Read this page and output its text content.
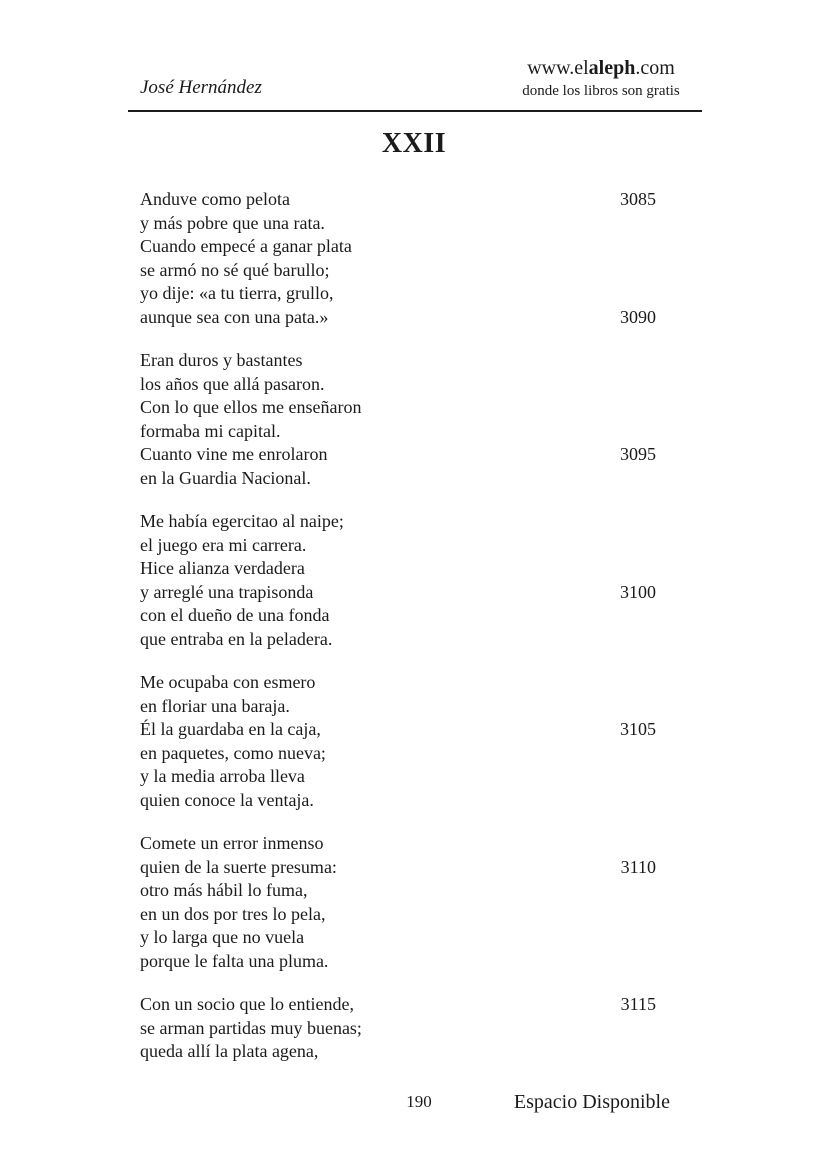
José Hernández
www.elaleph.com
donde los libros son gratis
XXII
Anduve como pelota	3085
y más pobre que una rata.
Cuando empecé a ganar plata
se armó no sé qué barullo;
yo dije: «a tu tierra, grullo,
aunque sea con una pata.»	3090
Eran duros y bastantes
los años que allá pasaron.
Con lo que ellos me enseñaron
formaba mi capital.
Cuanto vine me enrolaron	3095
en la Guardia Nacional.
Me había egercitao al naipe;
el juego era mi carrera.
Hice alianza verdadera
y arreglé una trapisonda	3100
con el dueño de una fonda
que entraba en la peladera.
Me ocupaba con esmero
en floriar una baraja.
Él la guardaba en la caja,	3105
en paquetes, como nueva;
y la media arroba lleva
quien conoce la ventaja.
Comete un error inmenso
quien de la suerte presuma:	3110
otro más hábil lo fuma,
en un dos por tres lo pela,
y lo larga que no vuela
porque le falta una pluma.
Con un socio que lo entiende,	3115
se arman partidas muy buenas;
queda allí la plata agena,
190	Espacio Disponible
